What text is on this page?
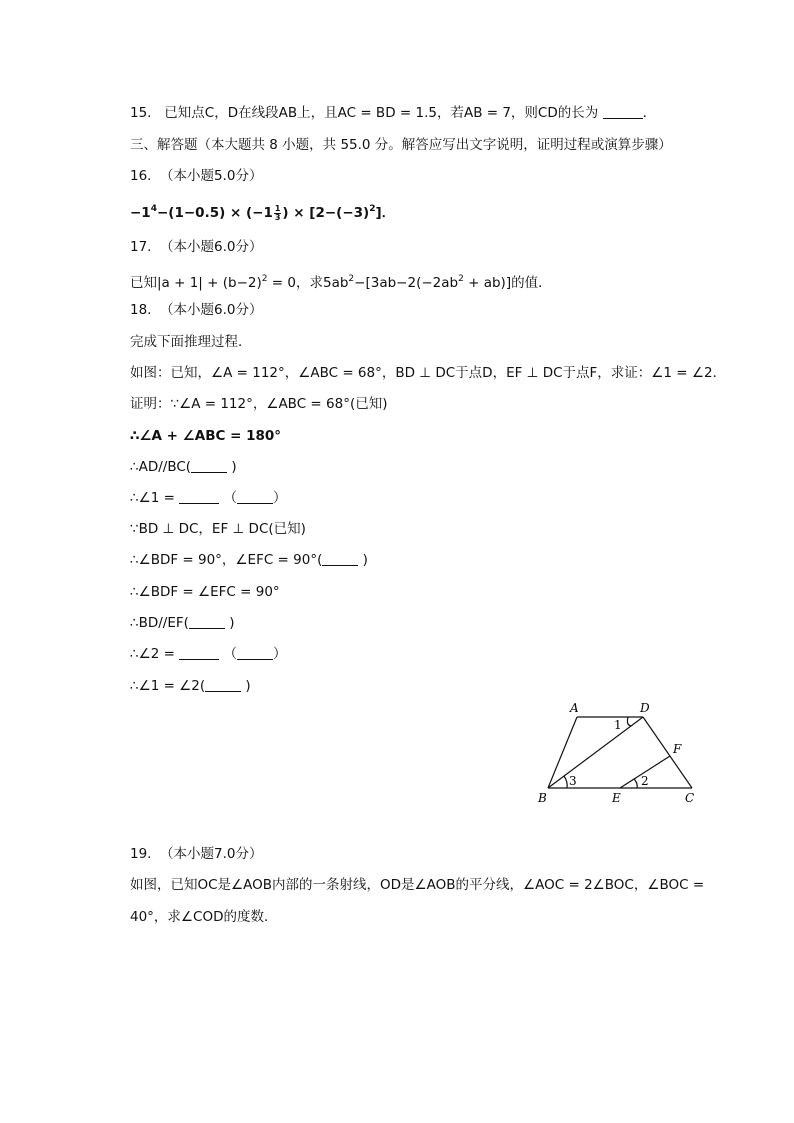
15. 已知点C，D在线段AB上，且AC = BD = 1.5，若AB = 7，则CD的长为	．
三、解答题（本大题共 8 小题，共 55.0 分。解答应写出文字说明，证明过程或演算步骤）
16. （本小题5.0分）
$-1^4-(1-0.5) \times (-1 \frac{1}{3}$ ) × $[2-(-3)^2]$．
17. （本小题6.0分）
已知$|a + 1| + (b-2)^2 = 0$，求$5ab^2-[3ab-2(-2ab^2 + ab)]$的值．
18. （本小题6.0分）
完成下面推理过程．
如图：已知，∠A = 112°，∠ABC = 68°，BD ⊥ DC于点D，EF ⊥ DC于点F，求证：∠1 = ∠2．
证明：∵∠A = 112°，∠ABC = 68°(已知)
∴∠A + ∠ABC = 180°
∴AD//BC(	)
∴∠1 =	（	）
∵BD ⊥ DC，EF ⊥ DC(已知)
∴∠BDF = 90°，∠EFC = 90°(	)
∴∠BDF = ∠EFC = 90°
∴BD//EF(	)
∴∠2 =	（	）
∴∠1 = ∠2(	)
A	D
F
B	E	C
1
2
3
19. （本小题7.0分）
如图，已知OC是∠AOB内部的一条射线，OD是∠AOB的平分线，∠AOC = 2∠BOC，∠BOC =
40°，求∠COD的度数．
